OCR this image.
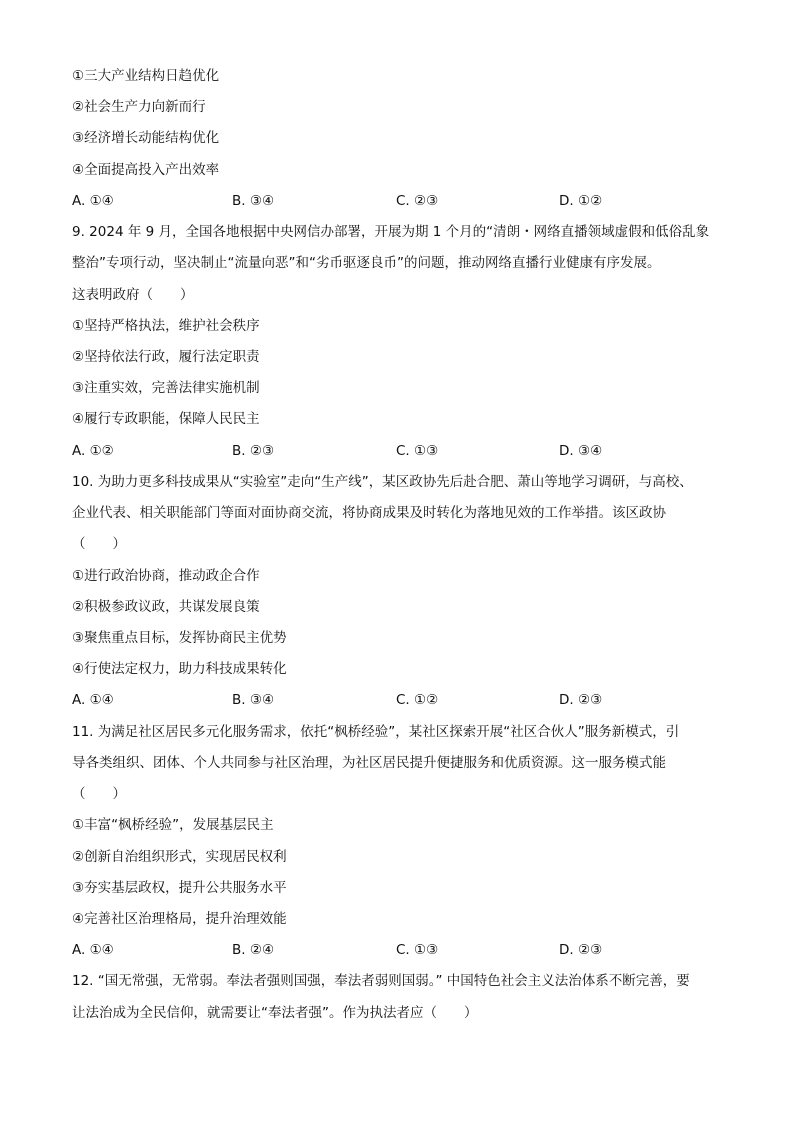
①三大产业结构日趋优化
②社会生产力向新而行
③经济增长动能结构优化
④全面提高投入产出效率
A. ①④	B. ③④	C. ②③	D. ①②
9. 2024 年 9 月，全国各地根据中央网信办部署，开展为期 1 个月的“清朗・网络直播领域虚假和低俗乱象
整治”专项行动，坚决制止“流量向恶”和“劣币驱逐良币”的问题，推动网络直播行业健康有序发展。
这表明政府（　　）
①坚持严格执法，维护社会秩序
②坚持依法行政，履行法定职责
③注重实效，完善法律实施机制
④履行专政职能，保障人民民主
A. ①②	B. ②③	C. ①③	D. ③④
10. 为助力更多科技成果从“实验室”走向“生产线”，某区政协先后赴合肥、萧山等地学习调研，与高校、
企业代表、相关职能部门等面对面协商交流，将协商成果及时转化为落地见效的工作举措。该区政协
（　　）
①进行政治协商，推动政企合作
②积极参政议政，共谋发展良策
③聚焦重点目标，发挥协商民主优势
④行使法定权力，助力科技成果转化
A. ①④	B. ③④	C. ①②	D. ②③
11. 为满足社区居民多元化服务需求，依托“枫桥经验”，某社区探索开展“社区合伙人”服务新模式，引
导各类组织、团体、个人共同参与社区治理，为社区居民提升便捷服务和优质资源。这一服务模式能
（　　）
①丰富“枫桥经验”，发展基层民主
②创新自治组织形式，实现居民权利
③夯实基层政权，提升公共服务水平
④完善社区治理格局，提升治理效能
A. ①④	B. ②④	C. ①③	D. ②③
12. “国无常强，无常弱。奉法者强则国强，奉法者弱则国弱。” 中国特色社会主义法治体系不断完善，要
让法治成为全民信仰，就需要让“奉法者强”。作为执法者应（　　）
